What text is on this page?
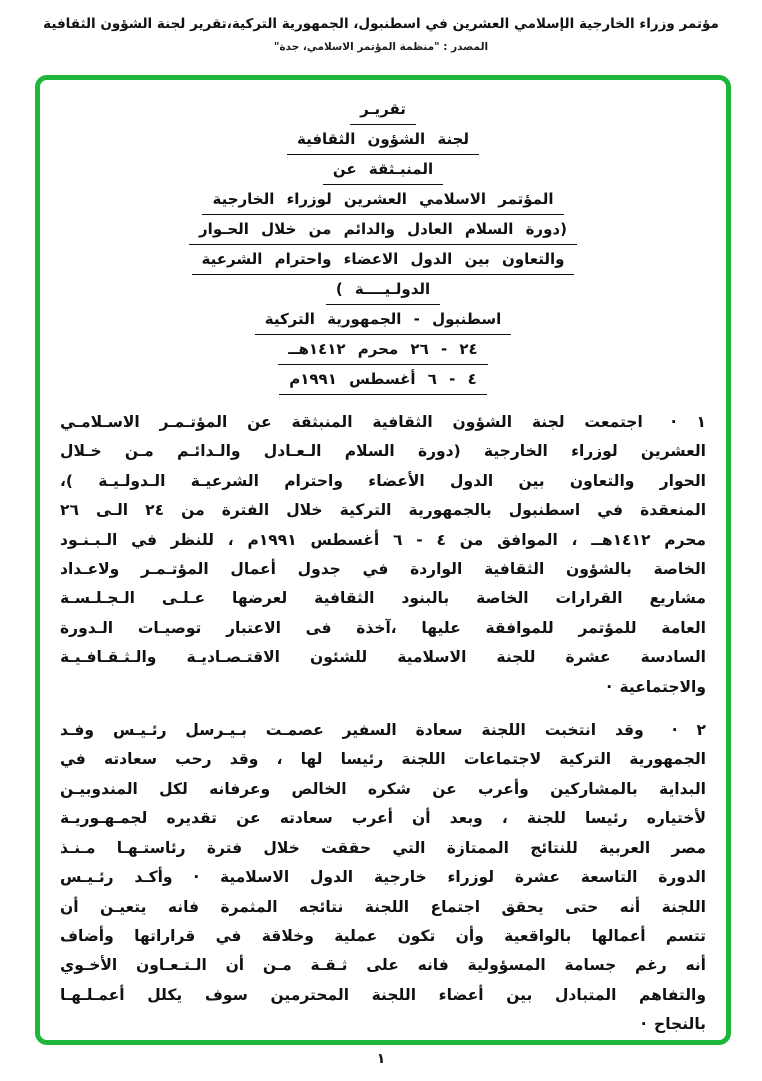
مؤتمر وزراء الخارجية الإسلامي العشرين في اسطنبول، الجمهورية التركية،تقرير لجنة الشؤون الثقافية
المصدر : "منظمة المؤتمر الاسلامي، جدة"
تقريـر
لجنة الشؤون الثقافية
المنبـثقة عن
المؤتمر الاسلامي العشرين لوزراء الخارجية
(دورة السلام العادل والدائم من خلال الحـوار
والتعاون بين الدول الاعضاء واحترام الشرعية
الدولـيــــة )
اسطنبول - الجمهورية التركية
٢٤ - ٢٦ محرم ١٤١٢هــ
٤ - ٦ أغسطس ١٩٩١م
١ ·اجتمعت لجنة الشؤون الثقافية المنبثقة عن المؤتـمـر الاسـلامـي
العشرين لوزراء الخارجية (دورة السلام الـعـادل والـدائـم مـن خـلال
الحوار والتعاون بين الدول الأعضاء واحترام الشرعيـة الـدولـيـة )،
المنعقدة في اسطنبول بالجمهورية التركية خلال الفترة من ٢٤ الـى ٢٦
محرم ١٤١٢هــ ، الموافق من ٤ - ٦ أغسطس ١٩٩١م ، للنظر في الـبـنـود
الخاصة بالشؤون الثقافية الواردة في جدول أعمال المؤتـمـر ولاعـداد
مشاريع القرارات الخاصة بالبنود الثقافية لعرضها عـلـى الـجـلـسـة
العامة للمؤتمر للموافقة عليها ،آخذة فى الاعتبار توصيـات الـدورة
السادسة عشرة للجنة الاسلامية للشئون الاقتـصـاديـة والـثـقـافـيـة
والاجتماعية ·
٢ ·وقد انتخبت اللجنة سعادة السفير عصمـت بـيـرسل رئـيـس وفـد
الجمهورية التركية لاجتماعات اللجنة رئيسا لها ، وقد رحب سعادته في
البداية بالمشاركين وأعرب عن شكره الخالص وعرفانه لكل المندوبيـن
لأختياره رئيسا للجنة ، وبعد أن أعرب سعادته عن تقديره لجمـهـوريـة
مصر العربية للنتائج الممتازة التي حققت خلال فترة رئاستـهـا مـنـذ
الدورة التاسعة عشرة لوزراء خارجية الدول الاسلامية · وأكـد رئـيـس
اللجنة أنه حتى يحقق اجتماع اللجنة نتائجه المثمرة فانه يتعيـن أن
تتسم أعمالها بالواقعية وأن تكون عملية وخلاقة في قراراتها وأضاف
أنه رغم جسامة المسؤولية فانه على ثـقـة مـن أن الـتـعـاون الأخـوي
والتفاهم المتبادل بين أعضاء اللجنة المحترمين سوف يكلل أعمـلـهـا
بالنجاح ·
١
